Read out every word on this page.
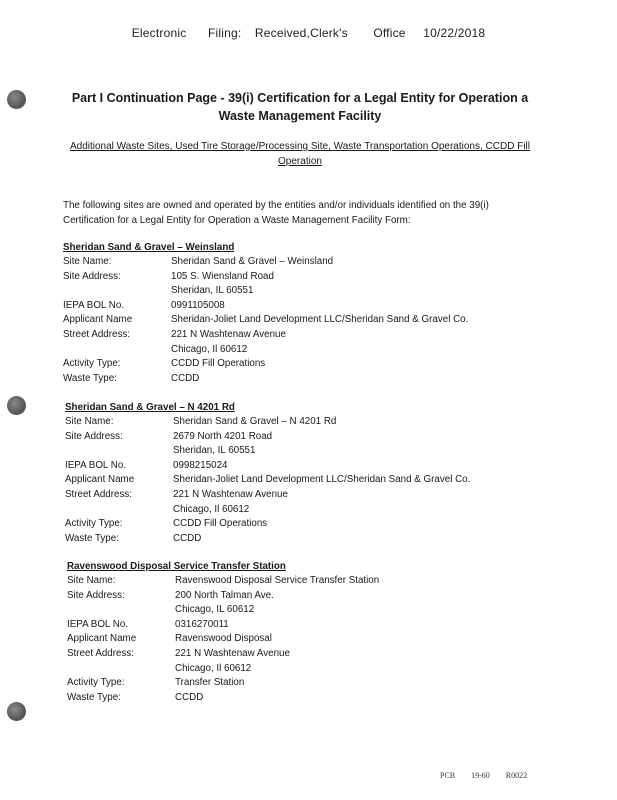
Electronic Filing: Received,Clerk's Office 10/22/2018
Part I Continuation Page - 39(i) Certification for a Legal Entity for Operation a Waste Management Facility
Additional Waste Sites, Used Tire Storage/Processing Site, Waste Transportation Operations, CCDD Fill Operation
The following sites are owned and operated by the entities and/or individuals identified on the 39(i) Certification for a Legal Entity for Operation a Waste Management Facility Form:
Sheridan Sand & Gravel – Weinsland
Site Name:	Sheridan Sand & Gravel – Weinsland
Site Address:	105 S. Wiensland Road
Sheridan, IL 60551
IEPA BOL No.	0991105008
Applicant Name	Sheridan-Joliet Land Development LLC/Sheridan Sand & Gravel Co.
Street Address:	221 N Washtenaw Avenue
Chicago, Il 60612
Activity Type:	CCDD Fill Operations
Waste Type:	CCDD
Sheridan Sand & Gravel – N 4201 Rd
Site Name:	Sheridan Sand & Gravel – N 4201 Rd
Site Address:	2679 North 4201 Road
Sheridan, IL 60551
IEPA BOL No.	0998215024
Applicant Name	Sheridan-Joliet Land Development LLC/Sheridan Sand & Gravel Co.
Street Address:	221 N Washtenaw Avenue
Chicago, Il 60612
Activity Type:	CCDD Fill Operations
Waste Type:	CCDD
Ravenswood Disposal Service Transfer Station
Site Name:	Ravenswood Disposal Service Transfer Station
Site Address:	200 North Talman Ave.
Chicago, IL 60612
IEPA BOL No.	0316270011
Applicant Name	Ravenswood Disposal
Street Address:	221 N Washtenaw Avenue
Chicago, Il 60612
Activity Type:	Transfer Station
Waste Type:	CCDD
PCB 19-60 R0022
